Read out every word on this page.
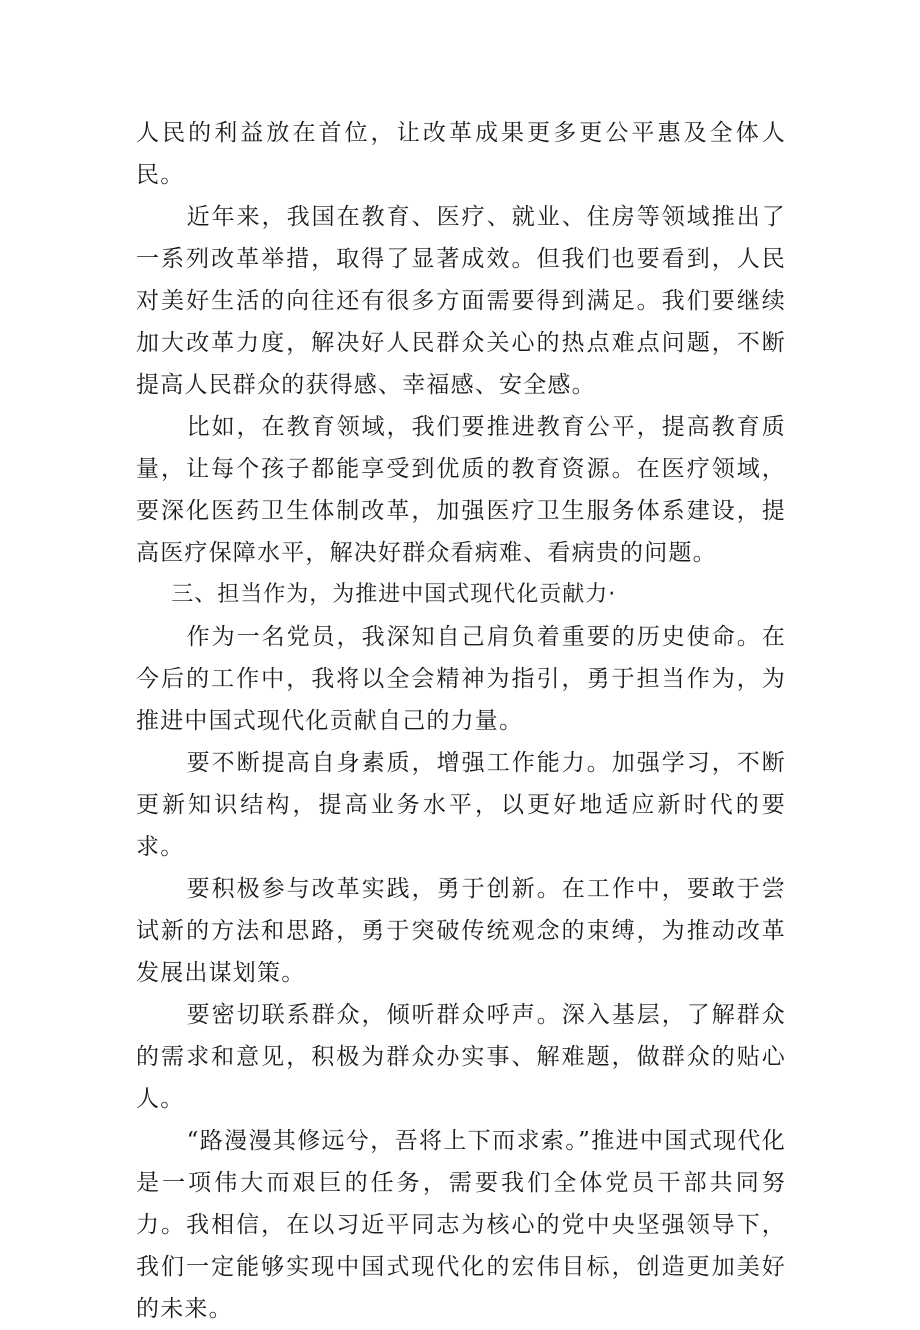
人民的利益放在首位，让改革成果更多更公平惠及全体人民。

近年来，我国在教育、医疗、就业、住房等领域推出了一系列改革举措，取得了显著成效。但我们也要看到，人民对美好生活的向往还有很多方面需要得到满足。我们要继续加大改革力度，解决好人民群众关心的热点难点问题，不断提高人民群众的获得感、幸福感、安全感。

比如，在教育领域，我们要推进教育公平，提高教育质量，让每个孩子都能享受到优质的教育资源。在医疗领域，要深化医药卫生体制改革，加强医疗卫生服务体系建设，提高医疗保障水平，解决好群众看病难、看病贵的问题。

三、担当作为，为推进中国式现代化贡献力·

作为一名党员，我深知自己肩负着重要的历史使命。在今后的工作中，我将以全会精神为指引，勇于担当作为，为推进中国式现代化贡献自己的力量。

要不断提高自身素质，增强工作能力。加强学习，不断更新知识结构，提高业务水平，以更好地适应新时代的要求。

要积极参与改革实践，勇于创新。在工作中，要敢于尝试新的方法和思路，勇于突破传统观念的束缚，为推动改革发展出谋划策。

要密切联系群众，倾听群众呼声。深入基层，了解群众的需求和意见，积极为群众办实事、解难题，做群众的贴心人。

“路漫漫其修远兮，吾将上下而求索。”推进中国式现代化是一项伟大而艰巨的任务，需要我们全体党员干部共同努力。我相信，在以习近平同志为核心的党中央坚强领导下，我们一定能够实现中国式现代化的宏伟目标，创造更加美好的未来。
